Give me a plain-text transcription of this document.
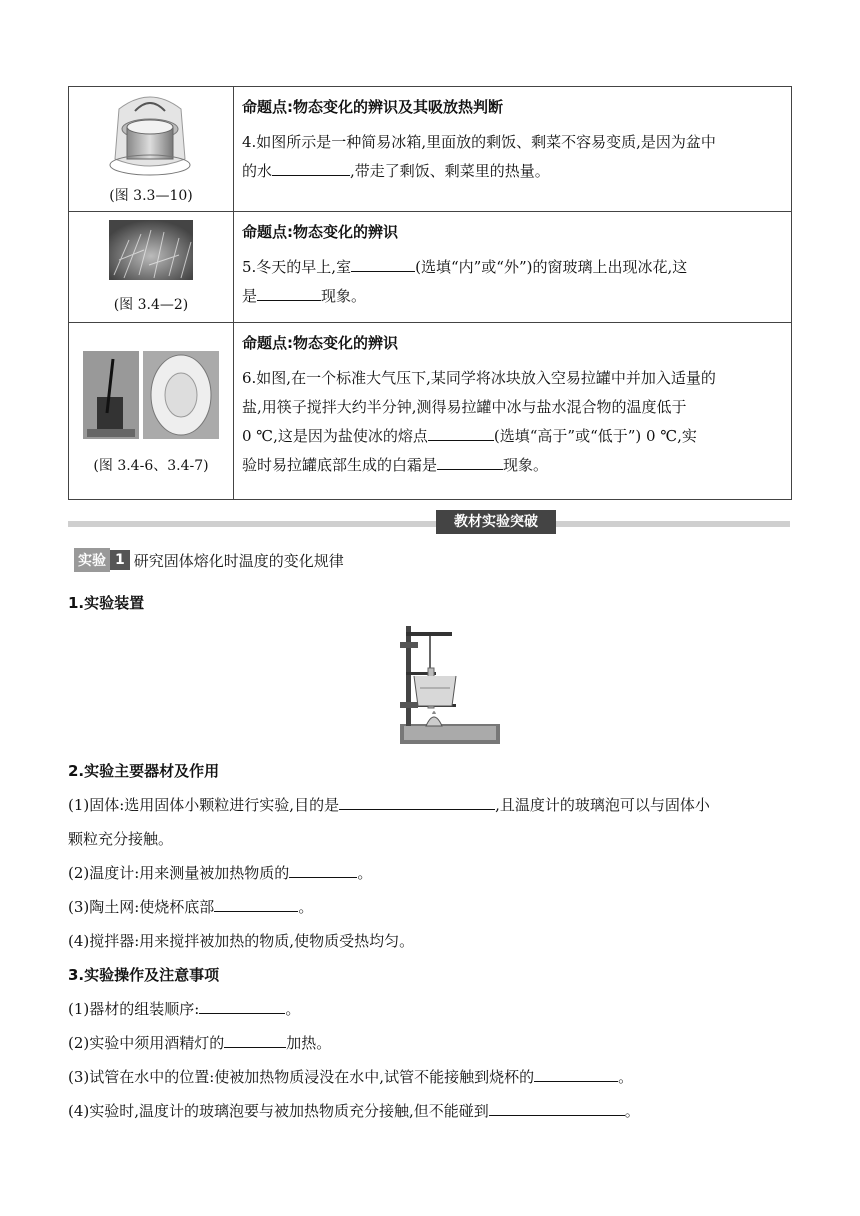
(图 3.3—10)	命题点:物态变化的辨识及其吸放热判断
4.如图所示是一种简易冰箱,里面放的剩饭、剩菜不容易变质,是因为盆中
的水 ,带走了剩饭、剩菜里的热量。

(图 3.4—2)	命题点:物态变化的辨识
5.冬天的早上,室 (选填“内”或“外”)的窗玻璃上出现冰花,这
是 现象。

(图 3.4-6、3.4-7)	命题点:物态变化的辨识
6.如图,在一个标准大气压下,某同学将冰块放入空易拉罐中并加入适量的
盐,用筷子搅拌大约半分钟,测得易拉罐中冰与盐水混合物的温度低于
0 ℃,这是因为盐使冰的熔点 (选填“高于”或“低于”) 0 ℃,实
验时易拉罐底部生成的白霜是 现象。
教材实验突破
实验 1 研究固体熔化时温度的变化规律
1.实验装置
2.实验主要器材及作用
(1)固体:选用固体小颗粒进行实验,目的是	,且温度计的玻璃泡可以与固体小
颗粒充分接触。
(2)温度计:用来测量被加热物质的	。
(3)陶土网:使烧杯底部	。
(4)搅拌器:用来搅拌被加热的物质,使物质受热均匀。
3.实验操作及注意事项
(1)器材的组装顺序:	。
(2)实验中须用酒精灯的	加热。
(3)试管在水中的位置:使被加热物质浸没在水中,试管不能接触到烧杯的	。
(4)实验时,温度计的玻璃泡要与被加热物质充分接触,但不能碰到	。
